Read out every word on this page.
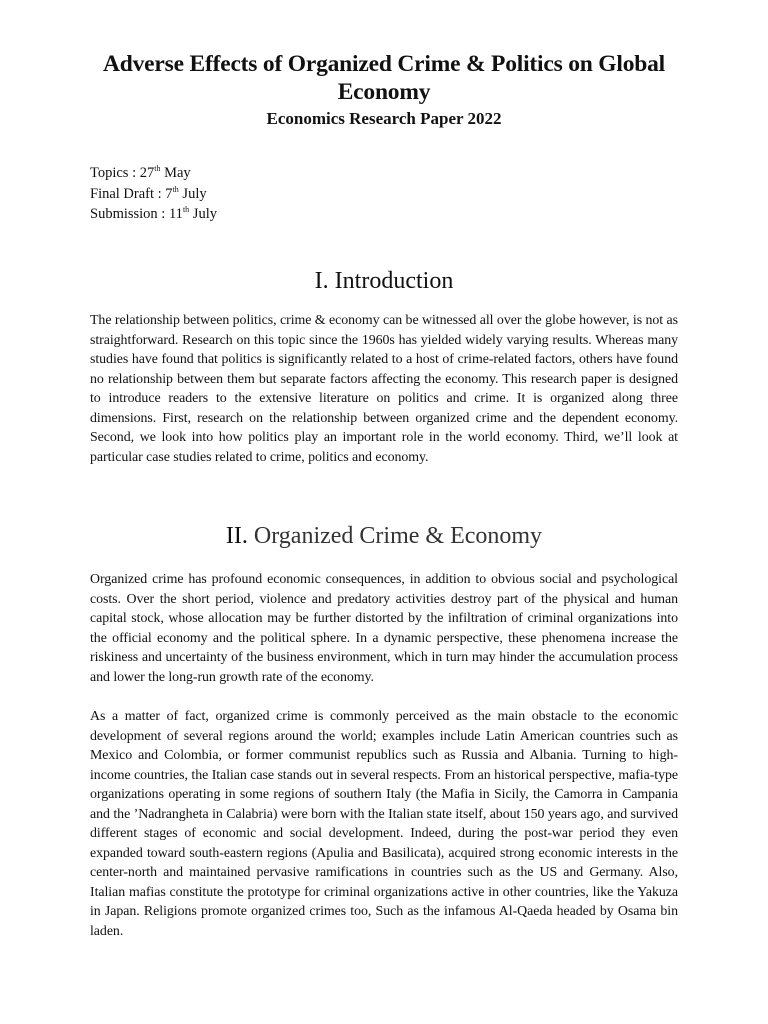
Adverse Effects of Organized Crime & Politics on Global Economy
Economics Research Paper 2022
Topics : 27th May
Final Draft : 7th July
Submission : 11th July
I. Introduction

The relationship between politics, crime & economy can be witnessed all over the globe however, is not as straightforward. Research on this topic since the 1960s has yielded widely varying results. Whereas many studies have found that politics is significantly related to a host of crime-related factors, others have found no relationship between them but separate factors affecting the economy. This research paper is designed to introduce readers to the extensive literature on politics and crime. It is organized along three dimensions. First, research on the relationship between organized crime and the dependent economy. Second, we look into how politics play an important role in the world economy. Third, we’ll look at particular case studies related to crime, politics and economy.

II. Organized Crime & Economy

Organized crime has profound economic consequences, in addition to obvious social and psychological costs. Over the short period, violence and predatory activities destroy part of the physical and human capital stock, whose allocation may be further distorted by the infiltration of criminal organizations into the official economy and the political sphere. In a dynamic perspective, these phenomena increase the riskiness and uncertainty of the business environment, which in turn may hinder the accumulation process and lower the long-run growth rate of the economy.

As a matter of fact, organized crime is commonly perceived as the main obstacle to the economic development of several regions around the world; examples include Latin American countries such as Mexico and Colombia, or former communist republics such as Russia and Albania. Turning to high-income countries, the Italian case stands out in several respects. From an historical perspective, mafia-type organizations operating in some regions of southern Italy (the Mafia in Sicily, the Camorra in Campania and the ’Nadrangheta in Calabria) were born with the Italian state itself, about 150 years ago, and survived different stages of economic and social development. Indeed, during the post-war period they even expanded toward south-eastern regions (Apulia and Basilicata), acquired strong economic interests in the center-north and maintained pervasive ramifications in countries such as the US and Germany. Also, Italian mafias constitute the prototype for criminal organizations active in other countries, like the Yakuza in Japan. Religions promote organized crimes too, Such as the infamous Al-Qaeda headed by Osama bin laden.
